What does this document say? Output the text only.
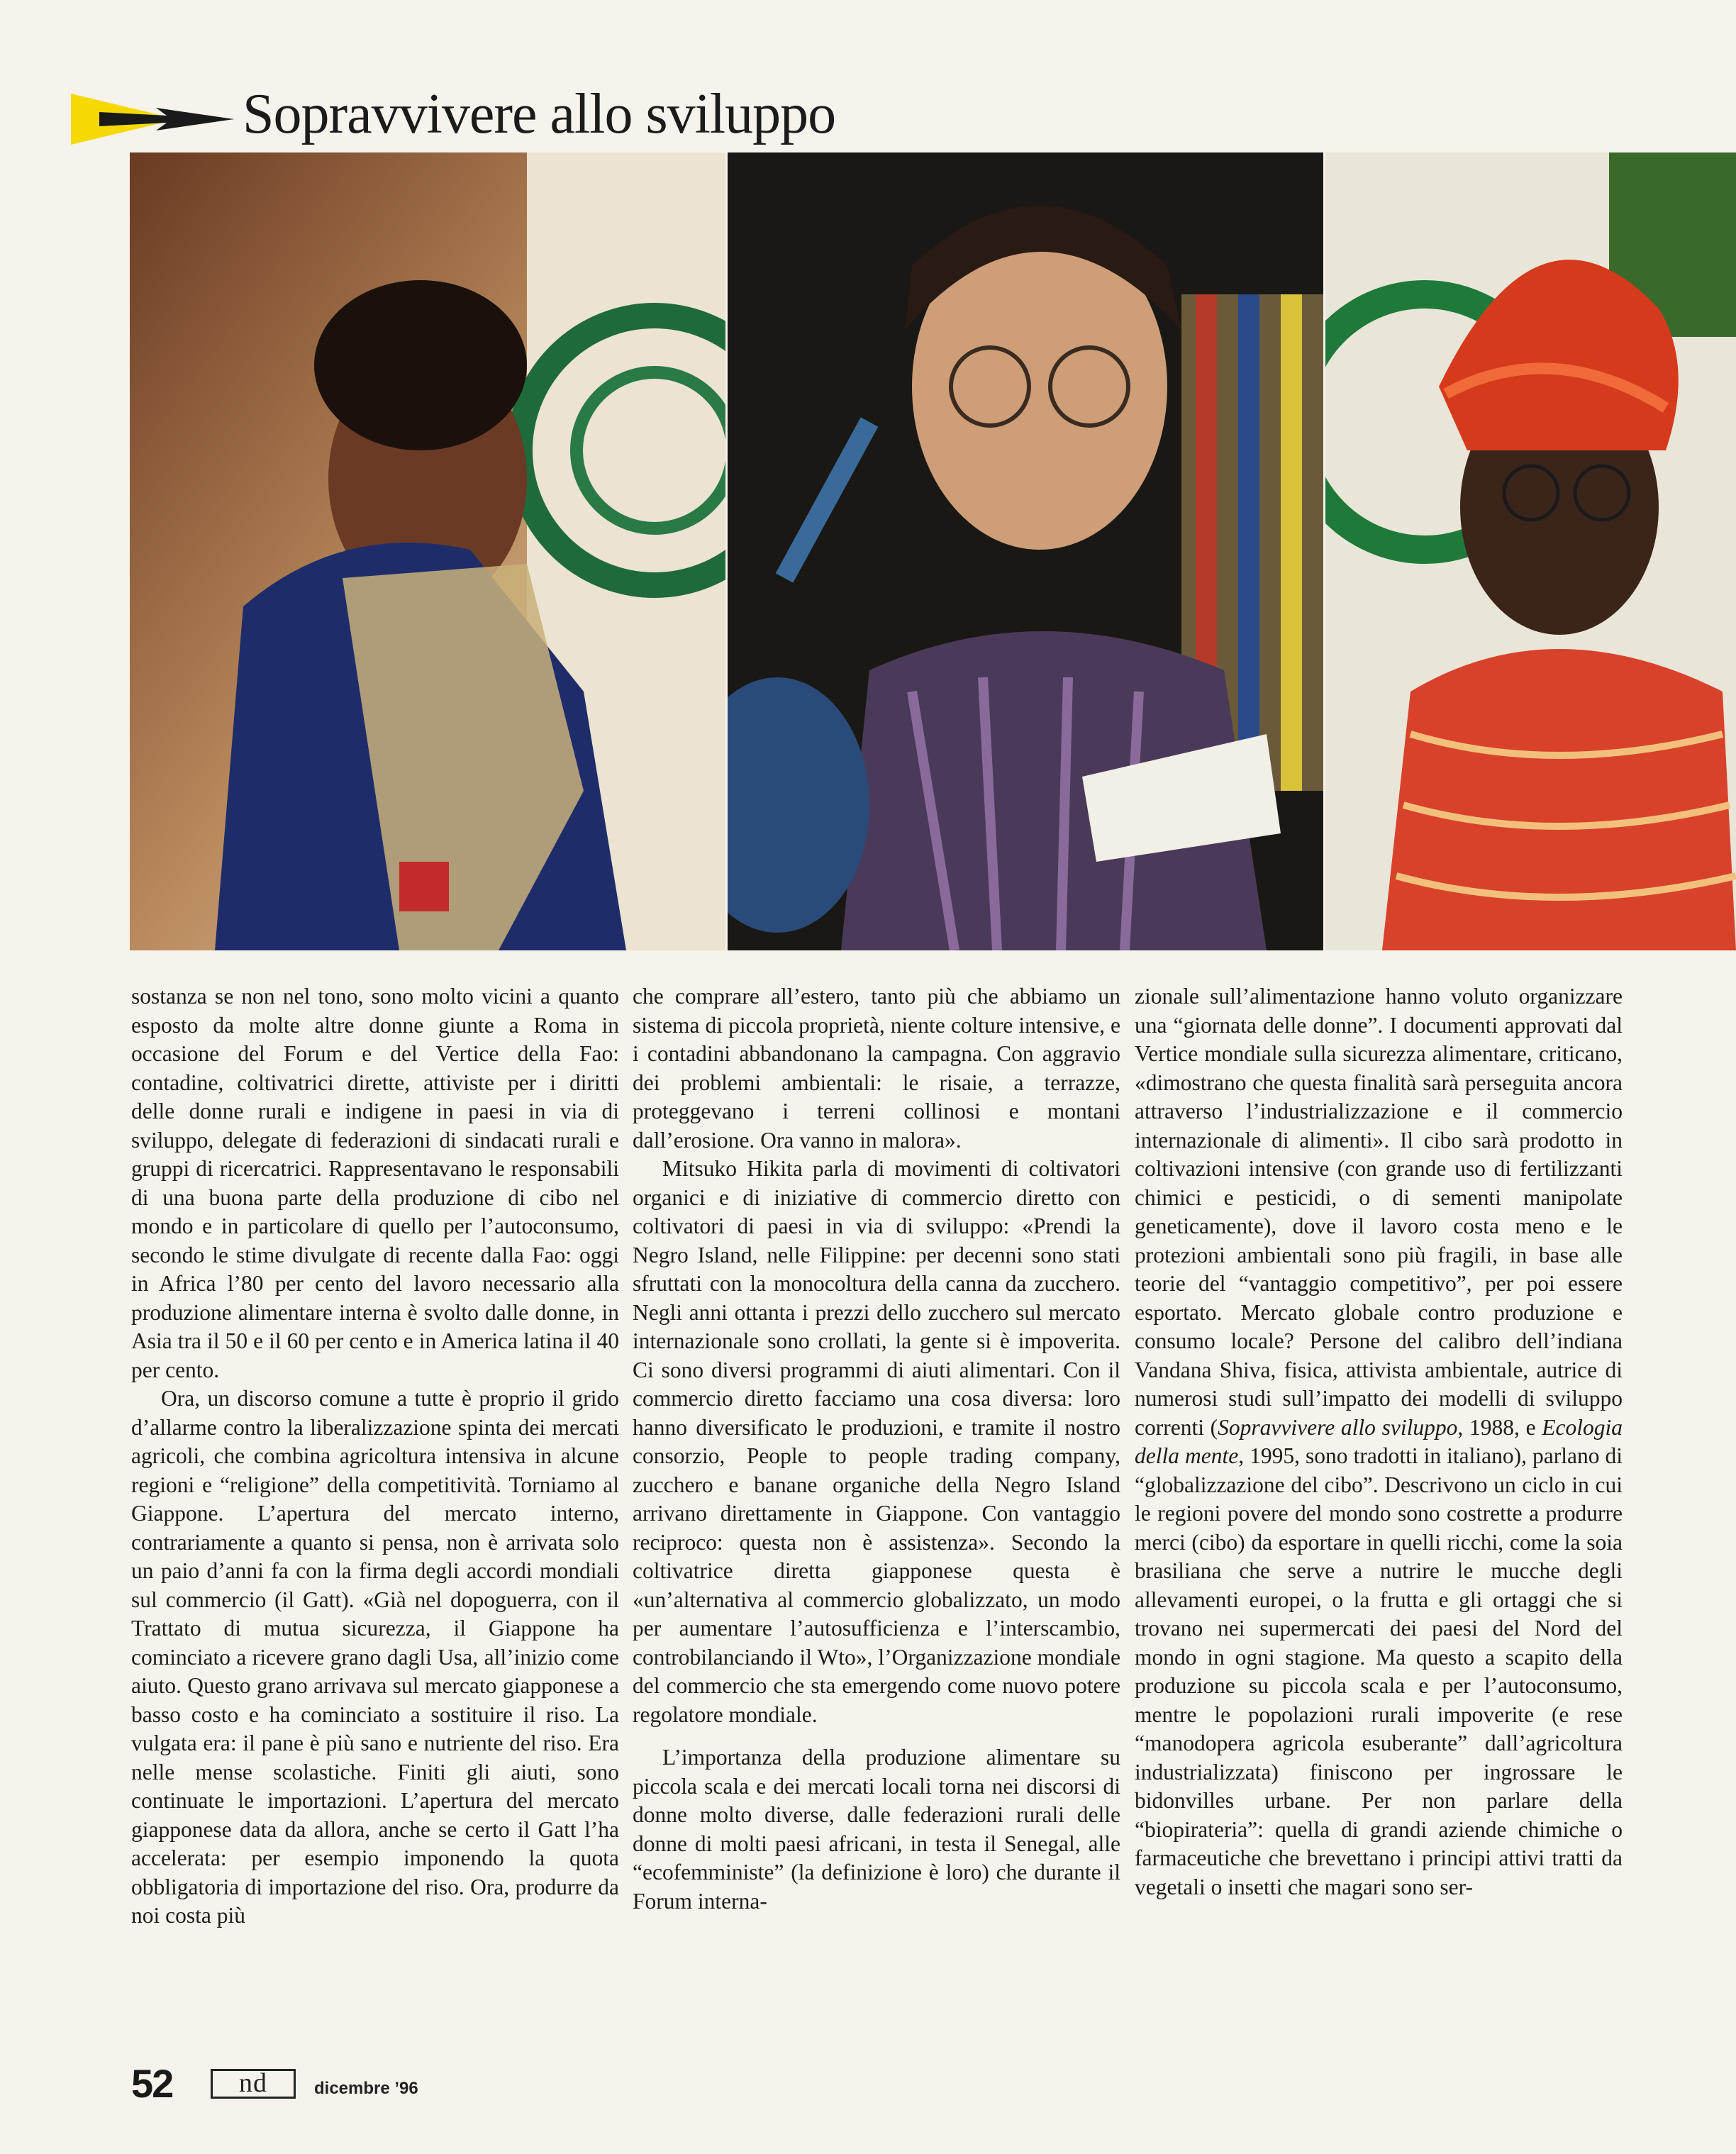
Sopravvivere allo sviluppo

sostanza se non nel tono, sono molto vicini a quanto esposto da molte altre donne giunte a Roma in occasione del Forum e del Vertice della Fao: contadine, coltivatrici dirette, attiviste per i diritti delle donne rurali e indigene in paesi in via di sviluppo, delegate di federazioni di sindacati rurali e gruppi di ricercatrici. Rappresentavano le responsabili di una buona parte della produzione di cibo nel mondo e in particolare di quello per l’autoconsumo, secondo le stime divulgate di recente dalla Fao: oggi in Africa l’80 per cento del lavoro necessario alla produzione alimentare interna è svolto dalle donne, in Asia tra il 50 e il 60 per cento e in America latina il 40 per cento.

Ora, un discorso comune a tutte è proprio il grido d’allarme contro la liberalizzazione spinta dei mercati agricoli, che combina agricoltura intensiva in alcune regioni e “religione” della competitività. Torniamo al Giappone. L’apertura del mercato interno, contrariamente a quanto si pensa, non è arrivata solo un paio d’anni fa con la firma degli accordi mondiali sul commercio (il Gatt). «Già nel dopoguerra, con il Trattato di mutua sicurezza, il Giappone ha cominciato a ricevere grano dagli Usa, all’inizio come aiuto. Questo grano arrivava sul mercato giapponese a basso costo e ha cominciato a sostituire il riso. La vulgata era: il pane è più sano e nutriente del riso. Era nelle mense scolastiche. Finiti gli aiuti, sono continuate le importazioni. L’apertura del mercato giapponese data da allora, anche se certo il Gatt l’ha accelerata: per esempio imponendo la quota obbligatoria di importazione del riso. Ora, produrre da noi costa più

che comprare all’estero, tanto più che abbiamo un sistema di piccola proprietà, niente colture intensive, e i contadini abbandonano la campagna. Con aggravio dei problemi ambientali: le risaie, a terrazze, proteggevano i terreni collinosi e montani dall’erosione. Ora vanno in malora».

Mitsuko Hikita parla di movimenti di coltivatori organici e di iniziative di commercio diretto con coltivatori di paesi in via di sviluppo: «Prendi la Negro Island, nelle Filippine: per decenni sono stati sfruttati con la monocoltura della canna da zucchero. Negli anni ottanta i prezzi dello zucchero sul mercato internazionale sono crollati, la gente si è impoverita. Ci sono diversi programmi di aiuti alimentari. Con il commercio diretto facciamo una cosa diversa: loro hanno diversificato le produzioni, e tramite il nostro consorzio, People to people trading company, zucchero e banane organiche della Negro Island arrivano direttamente in Giappone. Con vantaggio reciproco: questa non è assistenza». Secondo la coltivatrice diretta giapponese questa è «un’alternativa al commercio globalizzato, un modo per aumentare l’autosufficienza e l’interscambio, controbilanciando il Wto», l’Organizzazione mondiale del commercio che sta emergendo come nuovo potere regolatore mondiale.

L’importanza della produzione alimentare su piccola scala e dei mercati locali torna nei discorsi di donne molto diverse, dalle federazioni rurali delle donne di molti paesi africani, in testa il Senegal, alle “ecofemministe” (la definizione è loro) che durante il Forum interna-

zionale sull’alimentazione hanno voluto organizzare una “giornata delle donne”. I documenti approvati dal Vertice mondiale sulla sicurezza alimentare, criticano, «dimostrano che questa finalità sarà perseguita ancora attraverso l’industrializzazione e il commercio internazionale di alimenti». Il cibo sarà prodotto in coltivazioni intensive (con grande uso di fertilizzanti chimici e pesticidi, o di sementi manipolate geneticamente), dove il lavoro costa meno e le protezioni ambientali sono più fragili, in base alle teorie del “vantaggio competitivo”, per poi essere esportato. Mercato globale contro produzione e consumo locale? Persone del calibro dell’indiana Vandana Shiva, fisica, attivista ambientale, autrice di numerosi studi sull’impatto dei modelli di sviluppo correnti (Sopravvivere allo sviluppo, 1988, e Ecologia della mente, 1995, sono tradotti in italiano), parlano di “globalizzazione del cibo”. Descrivono un ciclo in cui le regioni povere del mondo sono costrette a produrre merci (cibo) da esportare in quelli ricchi, come la soia brasiliana che serve a nutrire le mucche degli allevamenti europei, o la frutta e gli ortaggi che si trovano nei supermercati dei paesi del Nord del mondo in ogni stagione. Ma questo a scapito della produzione su piccola scala e per l’autoconsumo, mentre le popolazioni rurali impoverite (e rese “manodopera agricola esuberante” dall’agricoltura industrializzata) finiscono per ingrossare le bidonvilles urbane. Per non parlare della “biopirateria”: quella di grandi aziende chimiche o farmaceutiche che brevettano i principi attivi tratti da vegetali o insetti che magari sono ser-

52	nd	dicembre ’96
